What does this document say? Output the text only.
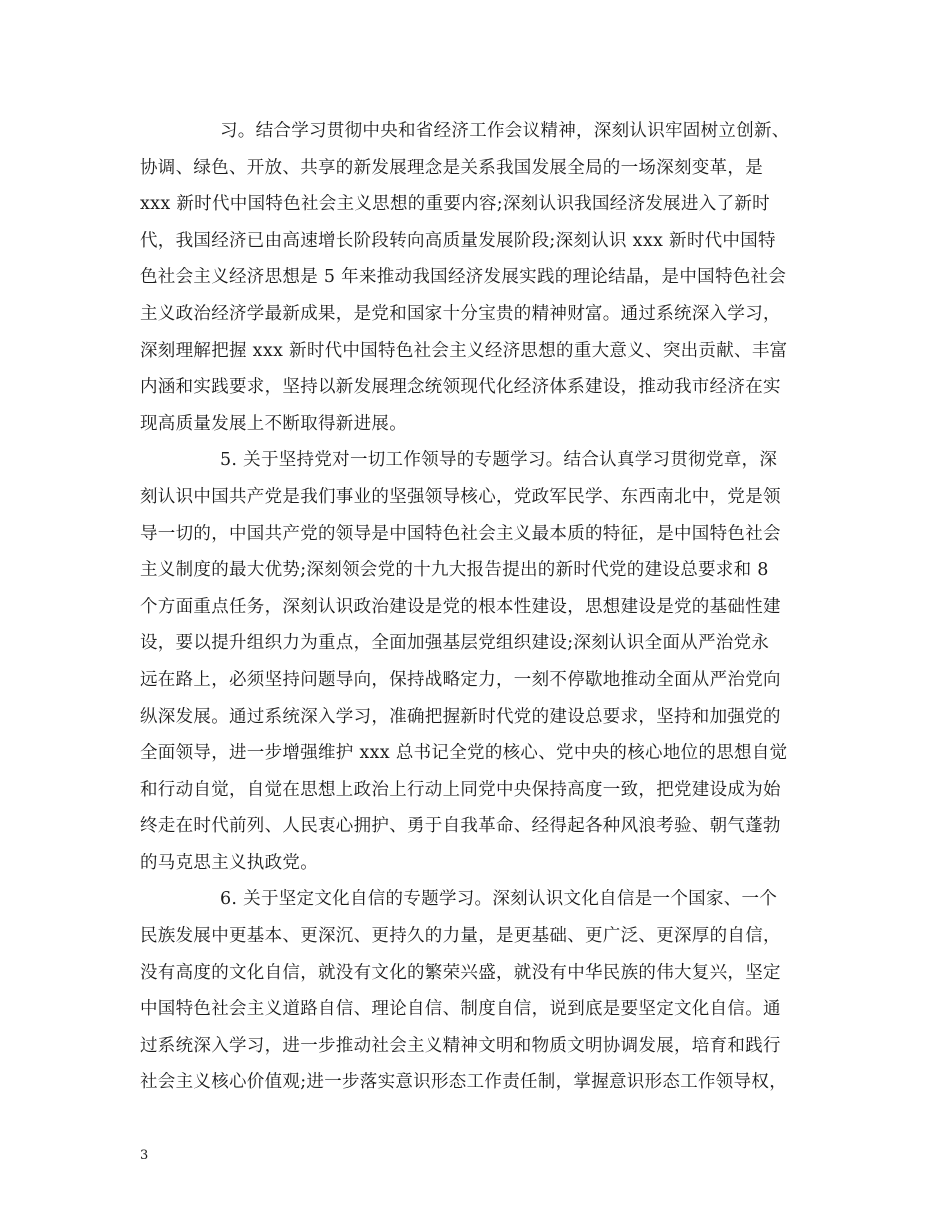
习。结合学习贯彻中央和省经济工作会议精神，深刻认识牢固树立创新、
协调、绿色、开放、共享的新发展理念是关系我国发展全局的一场深刻变革，是
xxx 新时代中国特色社会主义思想的重要内容;深刻认识我国经济发展进入了新时
代，我国经济已由高速增长阶段转向高质量发展阶段;深刻认识 xxx 新时代中国特
色社会主义经济思想是 5 年来推动我国经济发展实践的理论结晶，是中国特色社会
主义政治经济学最新成果，是党和国家十分宝贵的精神财富。通过系统深入学习，
深刻理解把握 xxx 新时代中国特色社会主义经济思想的重大意义、突出贡献、丰富
内涵和实践要求，坚持以新发展理念统领现代化经济体系建设，推动我市经济在实
现高质量发展上不断取得新进展。
5. 关于坚持党对一切工作领导的专题学习。结合认真学习贯彻党章，深
刻认识中国共产党是我们事业的坚强领导核心，党政军民学、东西南北中，党是领
导一切的，中国共产党的领导是中国特色社会主义最本质的特征，是中国特色社会
主义制度的最大优势;深刻领会党的十九大报告提出的新时代党的建设总要求和 8
个方面重点任务，深刻认识政治建设是党的根本性建设，思想建设是党的基础性建
设，要以提升组织力为重点，全面加强基层党组织建设;深刻认识全面从严治党永
远在路上，必须坚持问题导向，保持战略定力，一刻不停歇地推动全面从严治党向
纵深发展。通过系统深入学习，准确把握新时代党的建设总要求，坚持和加强党的
全面领导，进一步增强维护 xxx 总书记全党的核心、党中央的核心地位的思想自觉
和行动自觉，自觉在思想上政治上行动上同党中央保持高度一致，把党建设成为始
终走在时代前列、人民衷心拥护、勇于自我革命、经得起各种风浪考验、朝气蓬勃
的马克思主义执政党。
6. 关于坚定文化自信的专题学习。深刻认识文化自信是一个国家、一个
民族发展中更基本、更深沉、更持久的力量，是更基础、更广泛、更深厚的自信，
没有高度的文化自信，就没有文化的繁荣兴盛，就没有中华民族的伟大复兴，坚定
中国特色社会主义道路自信、理论自信、制度自信，说到底是要坚定文化自信。通
过系统深入学习，进一步推动社会主义精神文明和物质文明协调发展，培育和践行
社会主义核心价值观;进一步落实意识形态工作责任制，掌握意识形态工作领导权，
3
